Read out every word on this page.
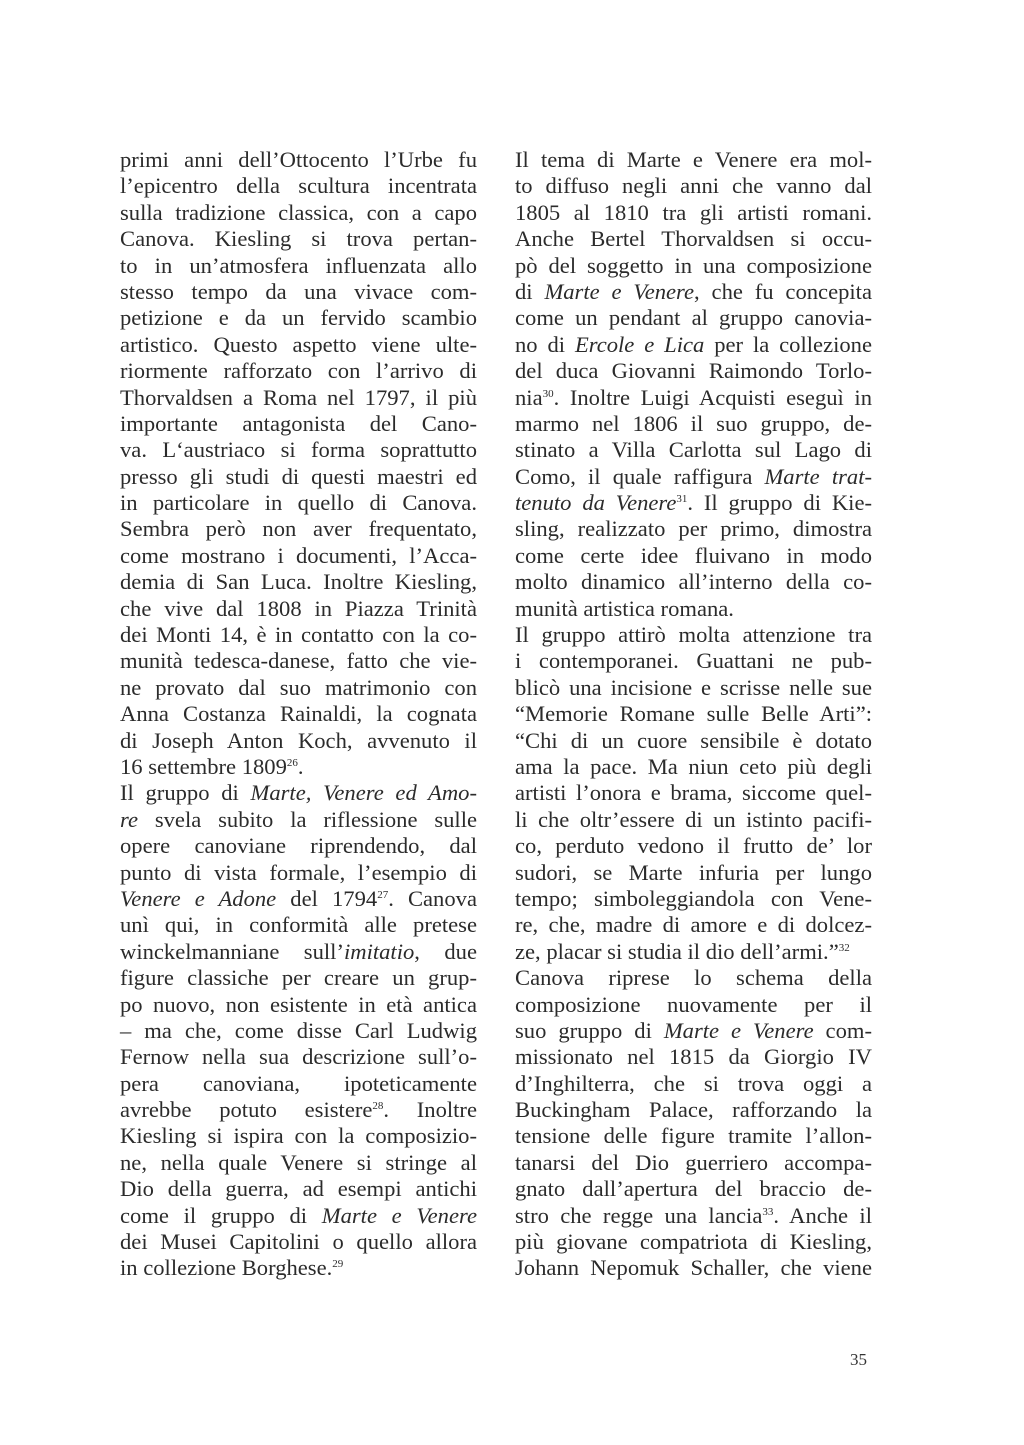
primi anni dell’Ottocento l’Urbe fu
l’epicentro della scultura incentrata
sulla tradizione classica, con a capo
Canova. Kiesling si trova pertan-
to in un’atmosfera influenzata allo
stesso tempo da una vivace com-
petizione e da un fervido scambio
artistico. Questo aspetto viene ulte-
riormente rafforzato con l’arrivo di
Thorvaldsen a Roma nel 1797, il più
importante antagonista del Cano-
va. L‘austriaco si forma soprattutto
presso gli studi di questi maestri ed
in particolare in quello di Canova.
Sembra però non aver frequentato,
come mostrano i documenti, l’Acca-
demia di San Luca. Inoltre Kiesling,
che vive dal 1808 in Piazza Trinità
dei Monti 14, è in contatto con la co-
munità tedesca-danese, fatto che vie-
ne provato dal suo matrimonio con
Anna Costanza Rainaldi, la cognata
di Joseph Anton Koch, avvenuto il
16 settembre 1809$^{26}$.
Il gruppo di Marte, Venere ed Amo-
re svela subito la riflessione sulle
opere canoviane riprendendo, dal
punto di vista formale, l’esempio di
Venere e Adone del 1794$^{27}$. Canova
unì qui, in conformità alle pretese
winckelmanniane sull’imitatio, due
figure classiche per creare un grup-
po nuovo, non esistente in età antica
– ma che, come disse Carl Ludwig
Fernow nella sua descrizione sull’o-
pera canoviana, ipoteticamente
avrebbe potuto esistere$^{28}$. Inoltre
Kiesling si ispira con la composizio-
ne, nella quale Venere si stringe al
Dio della guerra, ad esempi antichi
come il gruppo di Marte e Venere
dei Musei Capitolini o quello allora
in collezione Borghese.$^{29}$
Il tema di Marte e Venere era mol-
to diffuso negli anni che vanno dal
1805 al 1810 tra gli artisti romani.
Anche Bertel Thorvaldsen si occu-
pò del soggetto in una composizione
di Marte e Venere, che fu concepita
come un pendant al gruppo canovia-
no di Ercole e Lica per la collezione
del duca Giovanni Raimondo Torlo-
nia$^{30}$. Inoltre Luigi Acquisti eseguì in
marmo nel 1806 il suo gruppo, de-
stinato a Villa Carlotta sul Lago di
Como, il quale raffigura Marte trat-
tenuto da Venere$^{31}$. Il gruppo di Kie-
sling, realizzato per primo, dimostra
come certe idee fluivano in modo
molto dinamico all’interno della co-
munità artistica romana.
Il gruppo attirò molta attenzione tra
i contemporanei. Guattani ne pub-
blicò una incisione e scrisse nelle sue
“Memorie Romane sulle Belle Arti”:
“Chi di un cuore sensibile è dotato
ama la pace. Ma niun ceto più degli
artisti l’onora e brama, siccome quel-
li che oltr’essere di un istinto pacifi-
co, perduto vedono il frutto de’ lor
sudori, se Marte infuria per lungo
tempo; simboleggiandola con Vene-
re, che, madre di amore e di dolcez-
ze, placar si studia il dio dell’armi.”$^{32}$
Canova riprese lo schema della
composizione nuovamente per il
suo gruppo di Marte e Venere com-
missionato nel 1815 da Giorgio IV
d’Inghilterra, che si trova oggi a
Buckingham Palace, rafforzando la
tensione delle figure tramite l’allon-
tanarsi del Dio guerriero accompa-
gnato dall’apertura del braccio de-
stro che regge una lancia$^{33}$. Anche il
più giovane compatriota di Kiesling,
Johann Nepomuk Schaller, che viene
35
